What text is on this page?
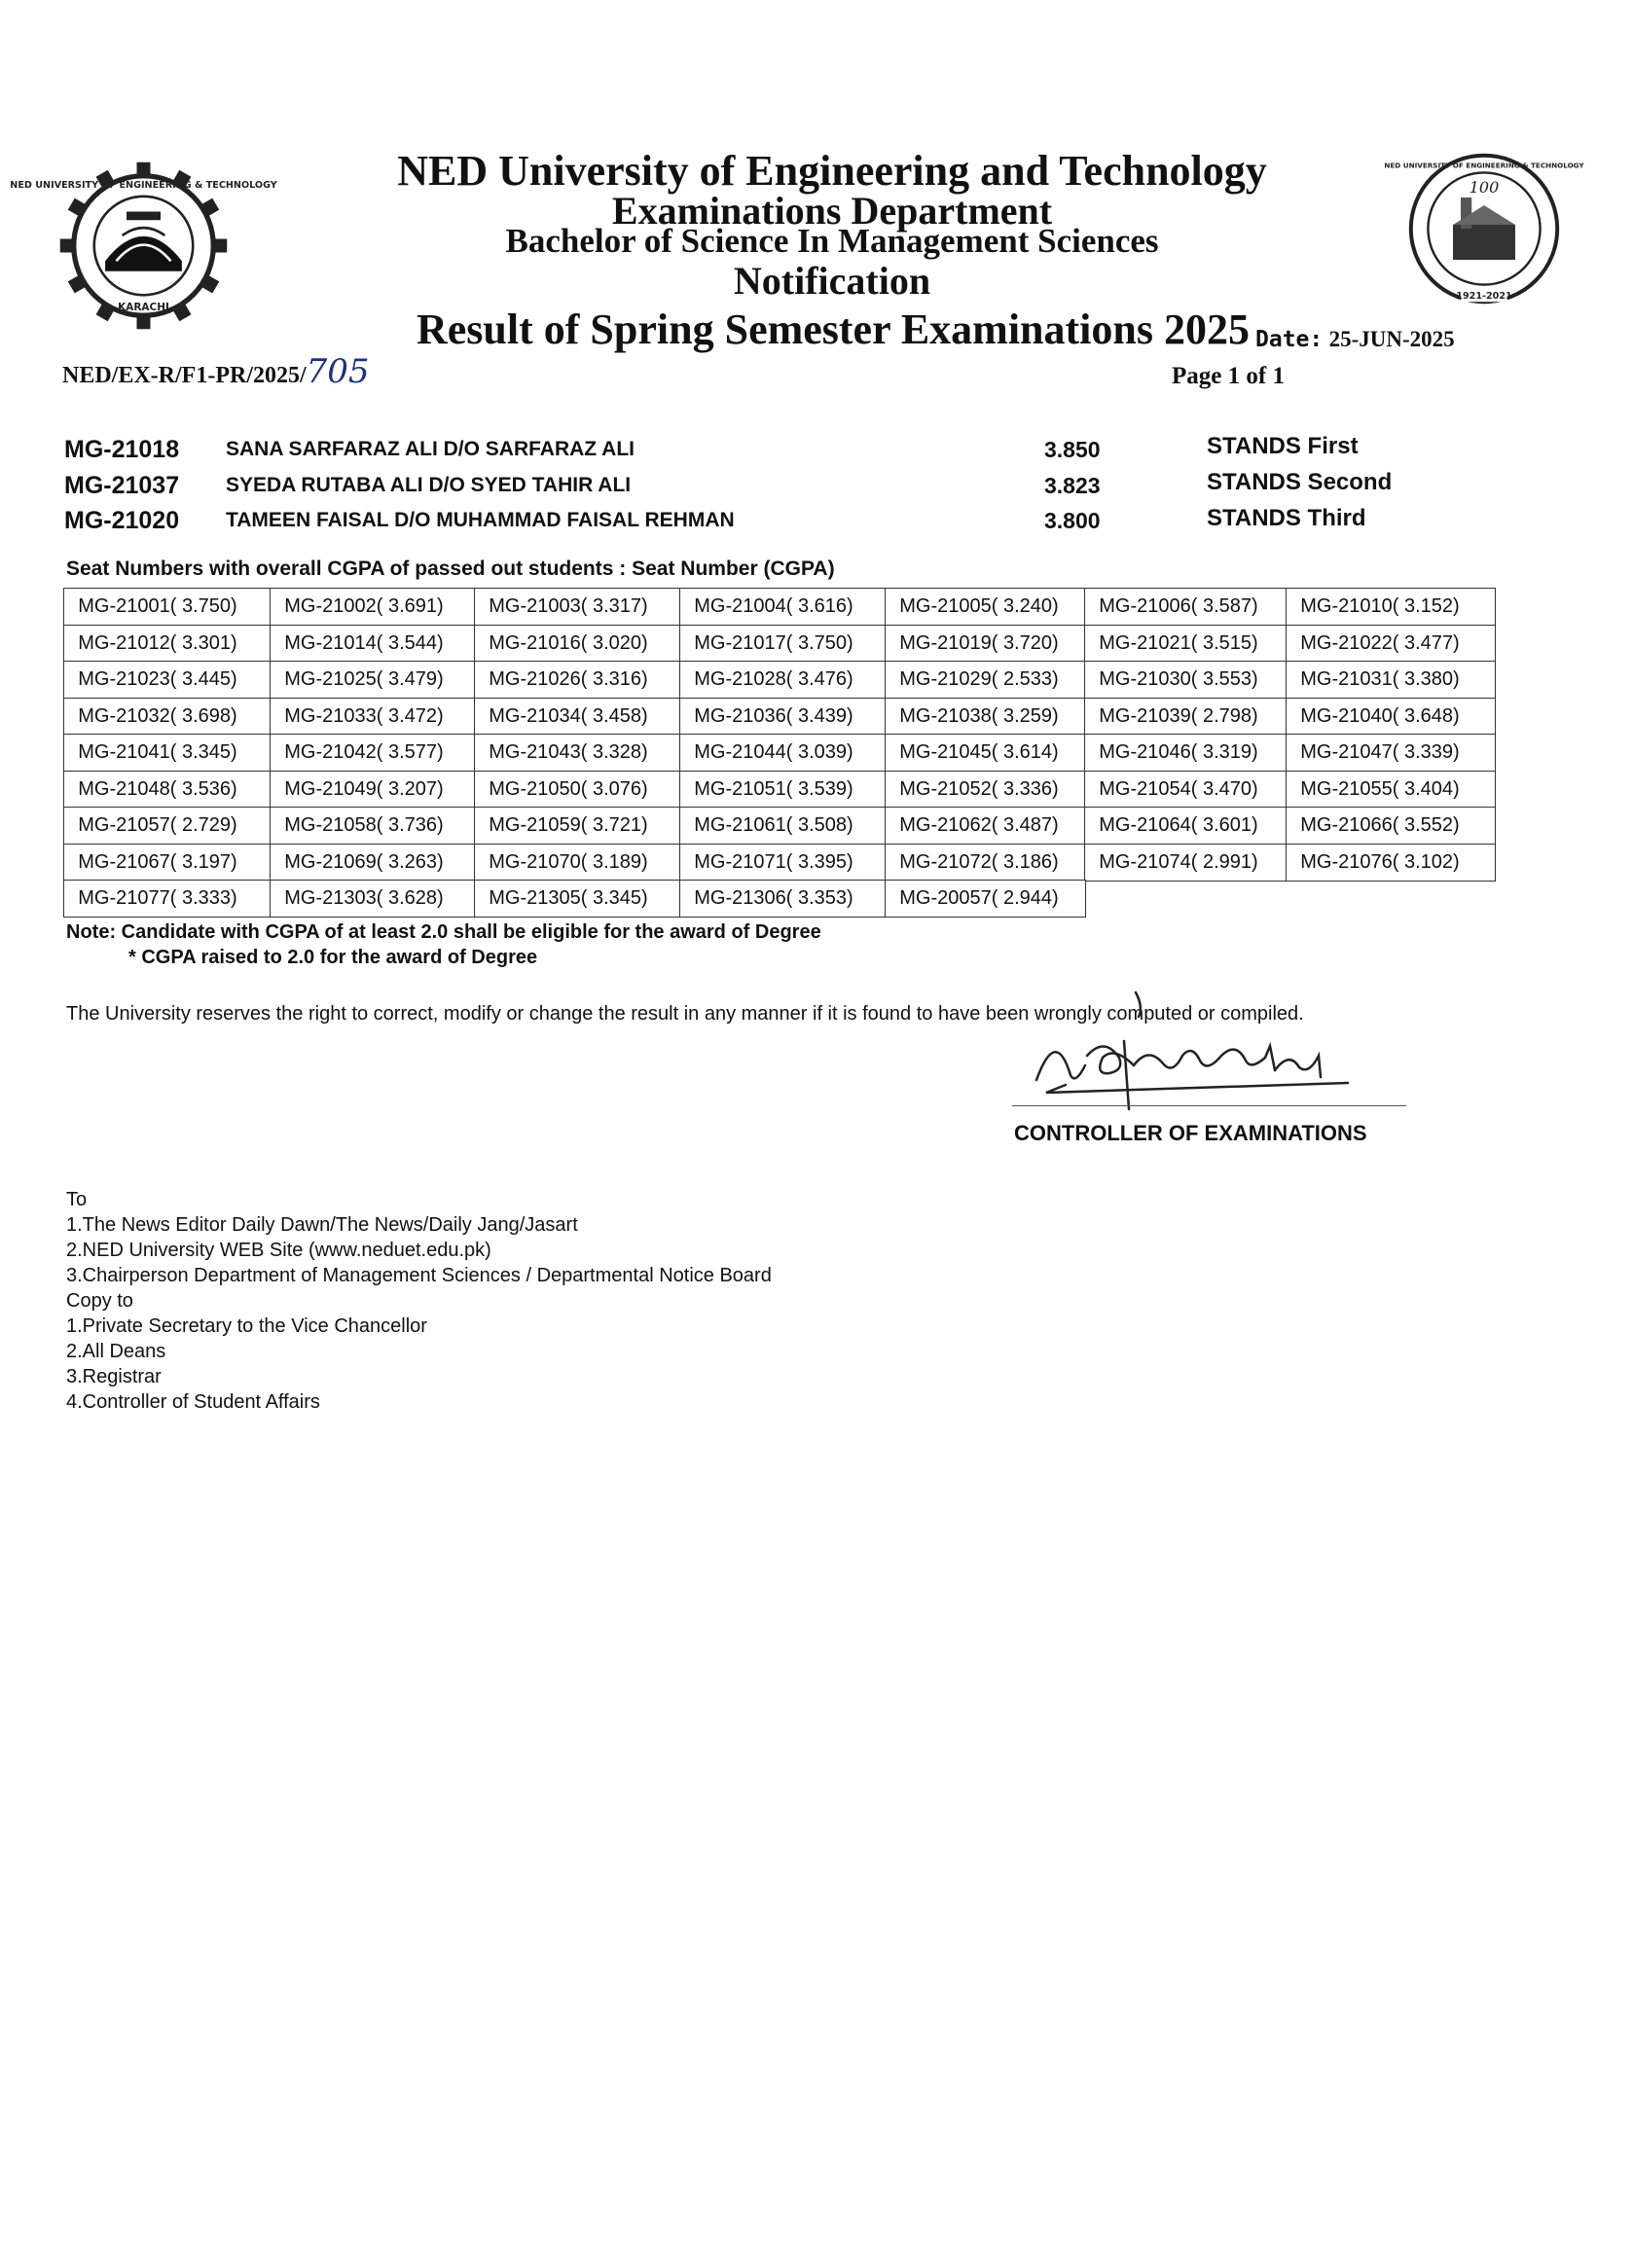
NED UNIVERSITY OF ENGINEERING & TECHNOLOGY
KARACHI
100
NED UNIVERSITY OF ENGINEERING & TECHNOLOGY
1921-2021
NED University of Engineering and Technology
Examinations Department
Bachelor of Science In Management Sciences
Notification
Result of Spring Semester Examinations 2025 Date: 25-JUN-2025
NED/EX-R/F1-PR/2025/705	Page 1 of 1
MG-21018 SANA SARFARAZ ALI D/O SARFARAZ ALI	3.850	STANDS First
MG-21037 SYEDA RUTABA ALI D/O SYED TAHIR ALI	3.823	STANDS Second
MG-21020 TAMEEN FAISAL D/O MUHAMMAD FAISAL REHMAN	3.800	STANDS Third
Seat Numbers with overall CGPA of passed out students : Seat Number (CGPA)
MG-21001( 3.750)	MG-21002( 3.691)	MG-21003( 3.317)	MG-21004( 3.616)	MG-21005( 3.240)	MG-21006( 3.587)	MG-21010( 3.152)
MG-21012( 3.301)	MG-21014( 3.544)	MG-21016( 3.020)	MG-21017( 3.750)	MG-21019( 3.720)	MG-21021( 3.515)	MG-21022( 3.477)
MG-21023( 3.445)	MG-21025( 3.479)	MG-21026( 3.316)	MG-21028( 3.476)	MG-21029( 2.533)	MG-21030( 3.553)	MG-21031( 3.380)
MG-21032( 3.698)	MG-21033( 3.472)	MG-21034( 3.458)	MG-21036( 3.439)	MG-21038( 3.259)	MG-21039( 2.798)	MG-21040( 3.648)
MG-21041( 3.345)	MG-21042( 3.577)	MG-21043( 3.328)	MG-21044( 3.039)	MG-21045( 3.614)	MG-21046( 3.319)	MG-21047( 3.339)
MG-21048( 3.536)	MG-21049( 3.207)	MG-21050( 3.076)	MG-21051( 3.539)	MG-21052( 3.336)	MG-21054( 3.470)	MG-21055( 3.404)
MG-21057( 2.729)	MG-21058( 3.736)	MG-21059( 3.721)	MG-21061( 3.508)	MG-21062( 3.487)	MG-21064( 3.601)	MG-21066( 3.552)
MG-21067( 3.197)	MG-21069( 3.263)	MG-21070( 3.189)	MG-21071( 3.395)	MG-21072( 3.186)	MG-21074( 2.991)	MG-21076( 3.102)
MG-21077( 3.333)	MG-21303( 3.628)	MG-21305( 3.345)	MG-21306( 3.353)	MG-20057( 2.944)
Note: Candidate with CGPA of at least 2.0 shall be eligible for the award of Degree
* CGPA raised to 2.0 for the award of Degree
The University reserves the right to correct, modify or change the result in any manner if it is found to have been wrongly computed or compiled.
CONTROLLER OF EXAMINATIONS
To
1.The News Editor Daily Dawn/The News/Daily Jang/Jasart
2.NED University WEB Site (www.neduet.edu.pk)
3.Chairperson Department of Management Sciences / Departmental Notice Board
Copy to
1.Private Secretary to the Vice Chancellor
2.All Deans
3.Registrar
4.Controller of Student Affairs
